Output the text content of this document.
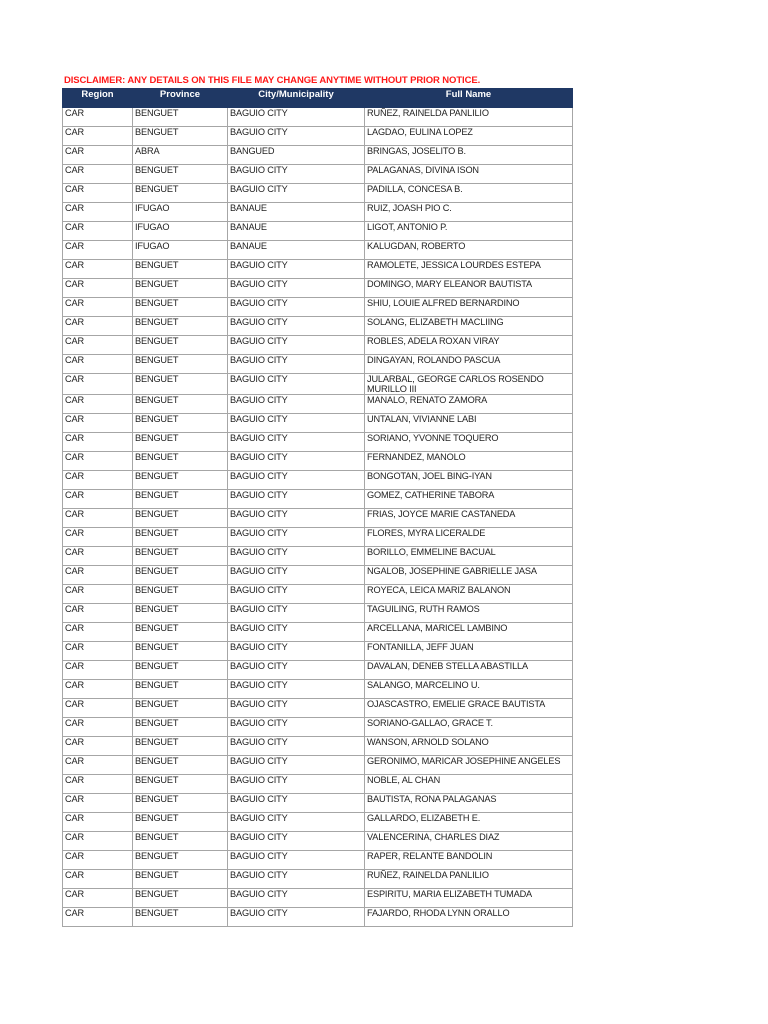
DISCLAIMER: ANY DETAILS ON THIS FILE MAY CHANGE ANYTIME WITHOUT PRIOR NOTICE.
Region	Province	City/Municipality	Full Name
CAR	BENGUET	BAGUIO CITY	RUÑEZ, RAINELDA PANLILIO
CAR	BENGUET	BAGUIO CITY	LAGDAO, EULINA LOPEZ
CAR	ABRA	BANGUED	BRINGAS, JOSELITO B.
CAR	BENGUET	BAGUIO CITY	PALAGANAS, DIVINA ISON
CAR	BENGUET	BAGUIO CITY	PADILLA, CONCESA B.
CAR	IFUGAO	BANAUE	RUIZ, JOASH PIO C.
CAR	IFUGAO	BANAUE	LIGOT, ANTONIO P.
CAR	IFUGAO	BANAUE	KALUGDAN, ROBERTO
CAR	BENGUET	BAGUIO CITY	RAMOLETE, JESSICA LOURDES ESTEPA
CAR	BENGUET	BAGUIO CITY	DOMINGO, MARY ELEANOR BAUTISTA
CAR	BENGUET	BAGUIO CITY	SHIU, LOUIE ALFRED BERNARDINO
CAR	BENGUET	BAGUIO CITY	SOLANG, ELIZABETH MACLIING
CAR	BENGUET	BAGUIO CITY	ROBLES, ADELA ROXAN VIRAY
CAR	BENGUET	BAGUIO CITY	DINGAYAN, ROLANDO PASCUA
CAR	BENGUET	BAGUIO CITY	JULARBAL, GEORGE CARLOS ROSENDO MURILLO III
CAR	BENGUET	BAGUIO CITY	MANALO, RENATO ZAMORA
CAR	BENGUET	BAGUIO CITY	UNTALAN, VIVIANNE LABI
CAR	BENGUET	BAGUIO CITY	SORIANO, YVONNE TOQUERO
CAR	BENGUET	BAGUIO CITY	FERNANDEZ, MANOLO
CAR	BENGUET	BAGUIO CITY	BONGOTAN, JOEL BING-IYAN
CAR	BENGUET	BAGUIO CITY	GOMEZ, CATHERINE TABORA
CAR	BENGUET	BAGUIO CITY	FRIAS, JOYCE MARIE CASTANEDA
CAR	BENGUET	BAGUIO CITY	FLORES, MYRA LICERALDE
CAR	BENGUET	BAGUIO CITY	BORILLO, EMMELINE BACUAL
CAR	BENGUET	BAGUIO CITY	NGALOB, JOSEPHINE GABRIELLE JASA
CAR	BENGUET	BAGUIO CITY	ROYECA, LEICA MARIZ BALANON
CAR	BENGUET	BAGUIO CITY	TAGUILING, RUTH RAMOS
CAR	BENGUET	BAGUIO CITY	ARCELLANA, MARICEL LAMBINO
CAR	BENGUET	BAGUIO CITY	FONTANILLA, JEFF JUAN
CAR	BENGUET	BAGUIO CITY	DAVALAN, DENEB STELLA ABASTILLA
CAR	BENGUET	BAGUIO CITY	SALANGO, MARCELINO U.
CAR	BENGUET	BAGUIO CITY	OJASCASTRO, EMELIE GRACE BAUTISTA
CAR	BENGUET	BAGUIO CITY	SORIANO-GALLAO, GRACE T.
CAR	BENGUET	BAGUIO CITY	WANSON, ARNOLD SOLANO
CAR	BENGUET	BAGUIO CITY	GERONIMO, MARICAR JOSEPHINE ANGELES
CAR	BENGUET	BAGUIO CITY	NOBLE, AL CHAN
CAR	BENGUET	BAGUIO CITY	BAUTISTA, RONA PALAGANAS
CAR	BENGUET	BAGUIO CITY	GALLARDO, ELIZABETH E.
CAR	BENGUET	BAGUIO CITY	VALENCERINA, CHARLES DIAZ
CAR	BENGUET	BAGUIO CITY	RAPER, RELANTE BANDOLIN
CAR	BENGUET	BAGUIO CITY	RUÑEZ, RAINELDA PANLILIO
CAR	BENGUET	BAGUIO CITY	ESPIRITU, MARIA ELIZABETH TUMADA
CAR	BENGUET	BAGUIO CITY	FAJARDO, RHODA LYNN ORALLO
